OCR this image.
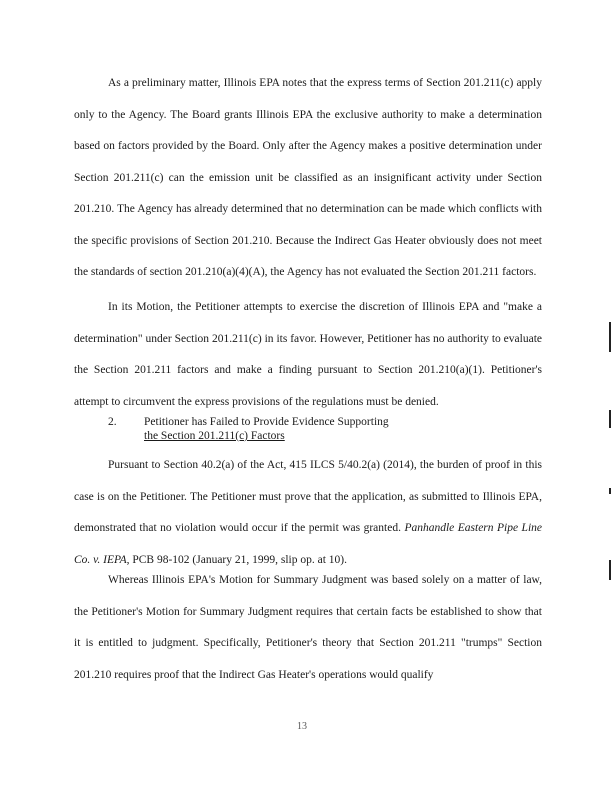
As a preliminary matter, Illinois EPA notes that the express terms of Section 201.211(c) apply only to the Agency. The Board grants Illinois EPA the exclusive authority to make a determination based on factors provided by the Board. Only after the Agency makes a positive determination under Section 201.211(c) can the emission unit be classified as an insignificant activity under Section 201.210. The Agency has already determined that no determination can be made which conflicts with the specific provisions of Section 201.210. Because the Indirect Gas Heater obviously does not meet the standards of section 201.210(a)(4)(A), the Agency has not evaluated the Section 201.211 factors.

In its Motion, the Petitioner attempts to exercise the discretion of Illinois EPA and "make a determination" under Section 201.211(c) in its favor. However, Petitioner has no authority to evaluate the Section 201.211 factors and make a finding pursuant to Section 201.210(a)(1). Petitioner's attempt to circumvent the express provisions of the regulations must be denied.

2. Petitioner has Failed to Provide Evidence Supporting
the Section 201.211(c) Factors

Pursuant to Section 40.2(a) of the Act, 415 ILCS 5/40.2(a) (2014), the burden of proof in this case is on the Petitioner. The Petitioner must prove that the application, as submitted to Illinois EPA, demonstrated that no violation would occur if the permit was granted. Panhandle Eastern Pipe Line Co. v. IEPA, PCB 98-102 (January 21, 1999, slip op. at 10).

Whereas Illinois EPA's Motion for Summary Judgment was based solely on a matter of law, the Petitioner's Motion for Summary Judgment requires that certain facts be established to show that it is entitled to judgment. Specifically, Petitioner's theory that Section 201.211 "trumps" Section 201.210 requires proof that the Indirect Gas Heater's operations would qualify

13
